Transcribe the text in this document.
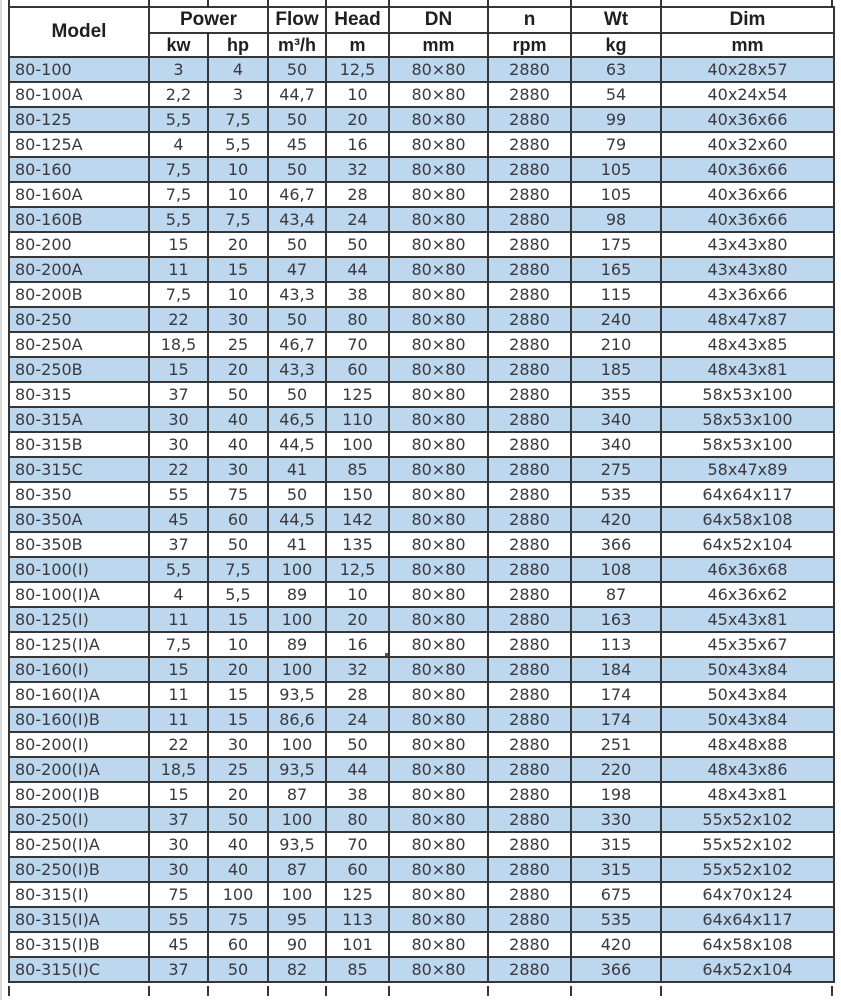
Model	Power		Flow	Head	DN	n	Wt	Dim
	kw	hp	m³/h	m	mm	rpm	kg	mm
80-100	3	4	50	12,5	80×80	2880	63	40x28x57
80-100A	2,2	3	44,7	10	80×80	2880	54	40x24x54
80-125	5,5	7,5	50	20	80×80	2880	99	40x36x66
80-125A	4	5,5	45	16	80×80	2880	79	40x32x60
80-160	7,5	10	50	32	80×80	2880	105	40x36x66
80-160A	7,5	10	46,7	28	80×80	2880	105	40x36x66
80-160B	5,5	7,5	43,4	24	80×80	2880	98	40x36x66
80-200	15	20	50	50	80×80	2880	175	43x43x80
80-200A	11	15	47	44	80×80	2880	165	43x43x80
80-200B	7,5	10	43,3	38	80×80	2880	115	43x36x66
80-250	22	30	50	80	80×80	2880	240	48x47x87
80-250A	18,5	25	46,7	70	80×80	2880	210	48x43x85
80-250B	15	20	43,3	60	80×80	2880	185	48x43x81
80-315	37	50	50	125	80×80	2880	355	58x53x100
80-315A	30	40	46,5	110	80×80	2880	340	58x53x100
80-315B	30	40	44,5	100	80×80	2880	340	58x53x100
80-315C	22	30	41	85	80×80	2880	275	58x47x89
80-350	55	75	50	150	80×80	2880	535	64x64x117
80-350A	45	60	44,5	142	80×80	2880	420	64x58x108
80-350B	37	50	41	135	80×80	2880	366	64x52x104
80-100(I)	5,5	7,5	100	12,5	80×80	2880	108	46x36x68
80-100(I)A	4	5,5	89	10	80×80	2880	87	46x36x62
80-125(I)	11	15	100	20	80×80	2880	163	45x43x81
80-125(I)A	7,5	10	89	16	80×80	2880	113	45x35x67
80-160(I)	15	20	100	32	80×80	2880	184	50x43x84
80-160(I)A	11	15	93,5	28	80×80	2880	174	50x43x84
80-160(I)B	11	15	86,6	24	80×80	2880	174	50x43x84
80-200(I)	22	30	100	50	80×80	2880	251	48x48x88
80-200(I)A	18,5	25	93,5	44	80×80	2880	220	48x43x86
80-200(I)B	15	20	87	38	80×80	2880	198	48x43x81
80-250(I)	37	50	100	80	80×80	2880	330	55x52x102
80-250(I)A	30	40	93,5	70	80×80	2880	315	55x52x102
80-250(I)B	30	40	87	60	80×80	2880	315	55x52x102
80-315(I)	75	100	100	125	80×80	2880	675	64x70x124
80-315(I)A	55	75	95	113	80×80	2880	535	64x64x117
80-315(I)B	45	60	90	101	80×80	2880	420	64x58x108
80-315(I)C	37	50	82	85	80×80	2880	366	64x52x104
